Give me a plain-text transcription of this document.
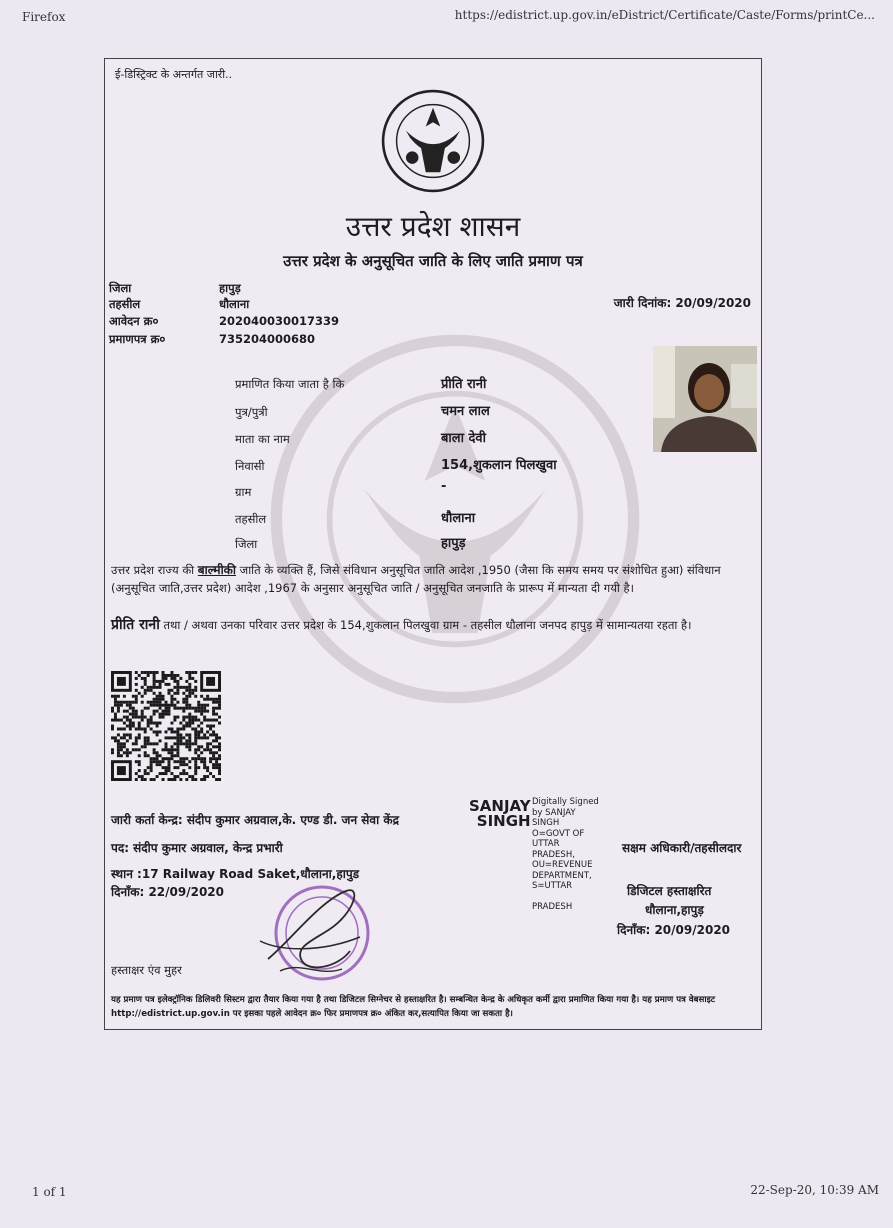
Firefox	https://edistrict.up.gov.in/eDistrict/Certificate/Caste/Forms/printCe...
ई-डिस्ट्रिक्ट के अन्तर्गत जारी..
उत्तर प्रदेश शासन
उत्तर प्रदेश के अनुसूचित जाति के लिए जाति प्रमाण पत्र
जिला	हापुड़
तहसील	धौलाना
आवेदन क्र०	202040030017339
प्रमाणपत्र क्र०	735204000680
जारी दिनांक: 20/09/2020
प्रमाणित किया जाता है कि	प्रीति रानी
पुत्र/पुत्री	चमन लाल
माता का नाम	बाला देवी
निवासी	154,शुकलान पिलखुवा
ग्राम	-
तहसील	धौलाना
जिला	हापुड़
उत्तर प्रदेश राज्य की बाल्मीकी जाति के व्यक्ति हैं, जिसे संविधान अनुसूचित जाति आदेश ,1950 (जैसा कि समय समय पर संशोधित हुआ) संविधान (अनुसूचित जाति,उत्तर प्रदेश) आदेश ,1967 के अनुसार अनुसूचित जाति / अनुसूचित जनजाति के प्रारूप में मान्यता दी गयी है।
प्रीति रानी तथा / अथवा उनका परिवार उत्तर प्रदेश के 154,शुकलान पिलखुवा ग्राम - तहसील धौलाना जनपद हापुड़ में सामान्यतया रहता है।
जारी कर्ता केन्द्र: संदीप कुमार अग्रवाल,के. एण्ड डी. जन सेवा केंद्र
पद: संदीप कुमार अग्रवाल, केन्द्र प्रभारी
स्थान :17 Railway Road Saket,धौलाना,हापुड
दिनाँक: 22/09/2020
SANJAY
SINGH
Digitally Signed
by SANJAY
SINGH
O=GOVT OF
UTTAR
PRADESH,
OU=REVENUE
DEPARTMENT,
S=UTTAR

PRADESH
सक्षम अधिकारी/तहसीलदार
डिजिटल हस्ताक्षरित
धौलाना,हापुड़
दिनाँक: 20/09/2020
हस्ताक्षर एंव मुहर
यह प्रमाण पत्र इलेक्ट्रॉनिक डिलिवरी सिस्टम द्वारा तैयार किया गया है तथा डिजिटल सिग्नेचर से हस्ताक्षरित है। सम्बन्धित केन्द्र के अधिकृत कर्मी द्वारा प्रमाणित किया गया है। यह प्रमाण पत्र वेबसाइट http://edistrict.up.gov.in पर इसका पहले आवेदन क्र० फिर प्रमाणपत्र क्र० अंकित कर,सत्यापित किया जा सकता है।
1 of 1	22-Sep-20, 10:39 AM
